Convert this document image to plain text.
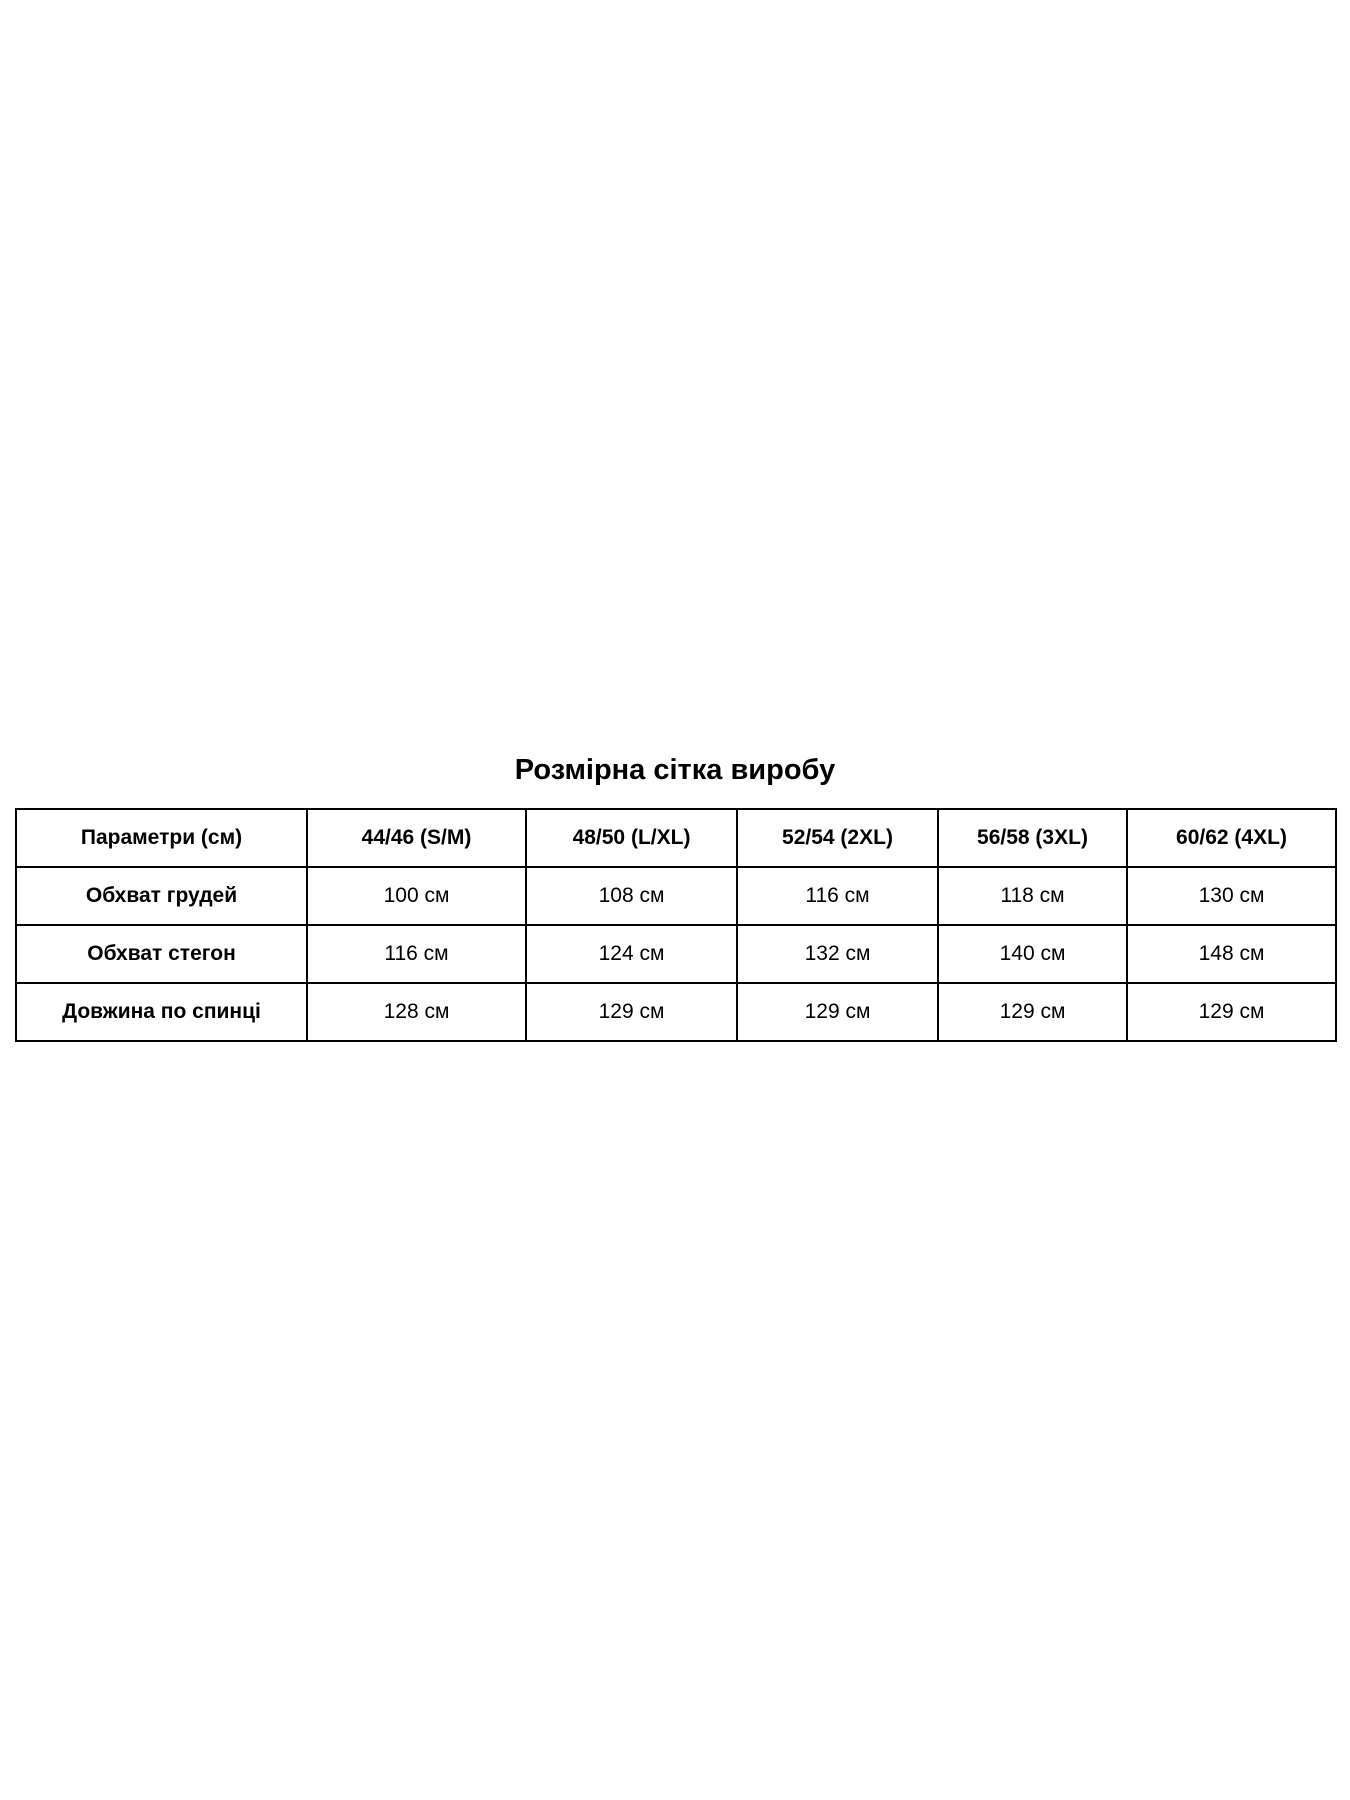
Розмірна сітка виробу
Параметри (см)	44/46 (S/M)	48/50 (L/XL)	52/54 (2XL)	56/58 (3XL)	60/62 (4XL)
Обхват грудей	100 см	108 см	116 см	118 см	130 см
Обхват стегон	116 см	124 см	132 см	140 см	148 см
Довжина по спинці	128 см	129 см	129 см	129 см	129 см
